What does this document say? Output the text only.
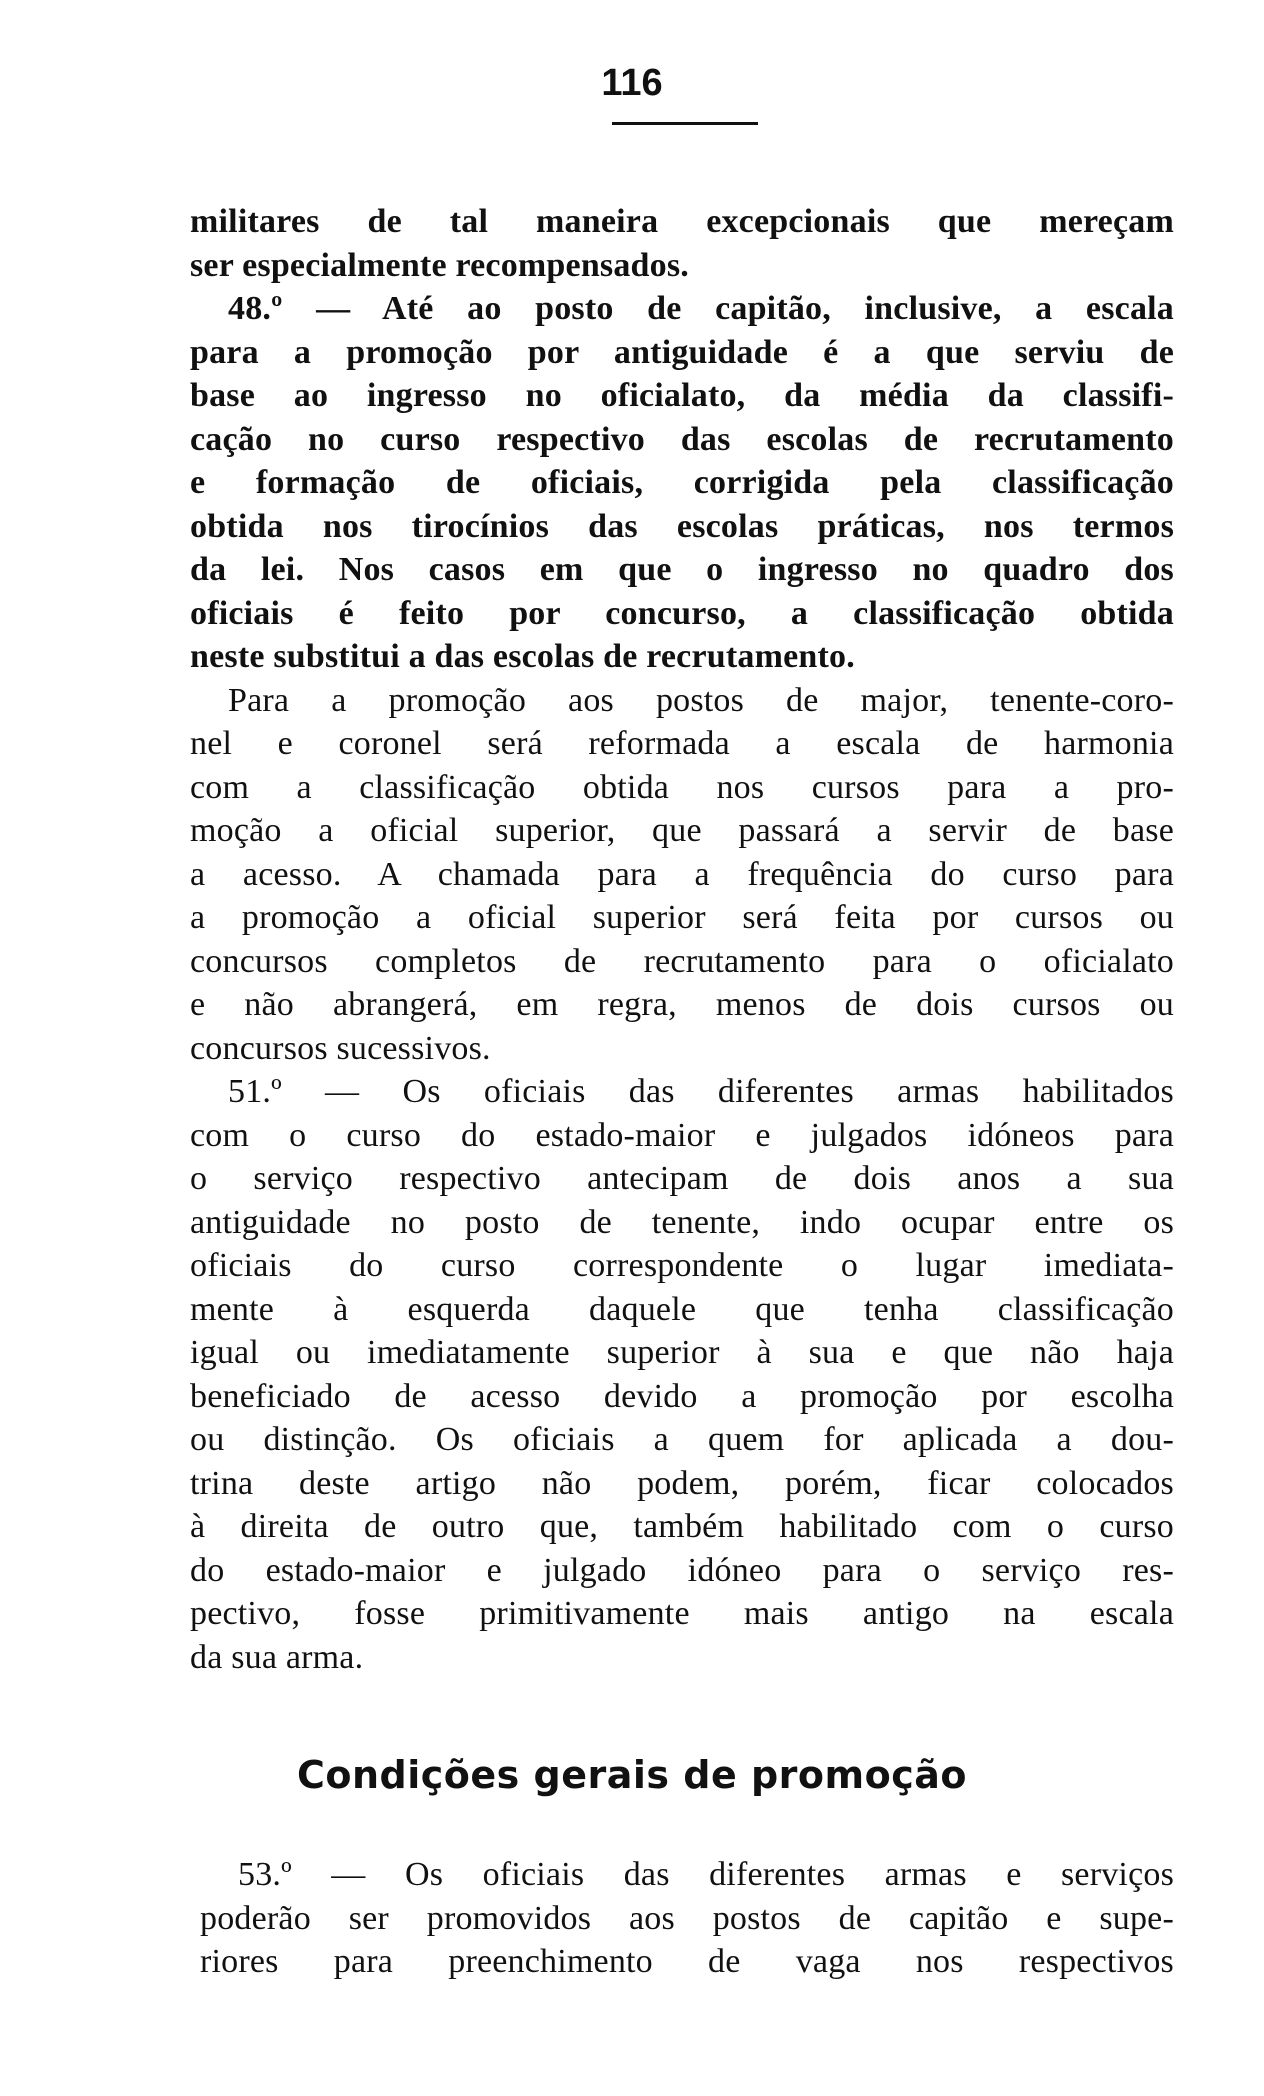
116
militares de tal maneira excepcionais que mereçam
ser especialmente recompensados.
48.º — Até ao posto de capitão, inclusive, a escala
para a promoção por antiguidade é a que serviu de
base ao ingresso no oficialato, da média da classifi-
cação no curso respectivo das escolas de recrutamento
e formação de oficiais, corrigida pela classificação
obtida nos tirocínios das escolas práticas, nos termos
da lei. Nos casos em que o ingresso no quadro dos
oficiais é feito por concurso, a classificação obtida
neste substitui a das escolas de recrutamento.
Para a promoção aos postos de major, tenente-coro-
nel e coronel será reformada a escala de harmonia
com a classificação obtida nos cursos para a pro-
moção a oficial superior, que passará a servir de base
a acesso. A chamada para a frequência do curso para
a promoção a oficial superior será feita por cursos ou
concursos completos de recrutamento para o oficialato
e não abrangerá, em regra, menos de dois cursos ou
concursos sucessivos.
51.º — Os oficiais das diferentes armas habilitados
com o curso do estado-maior e julgados idóneos para
o serviço respectivo antecipam de dois anos a sua
antiguidade no posto de tenente, indo ocupar entre os
oficiais do curso correspondente o lugar imediata-
mente à esquerda daquele que tenha classificação
igual ou imediatamente superior à sua e que não haja
beneficiado de acesso devido a promoção por escolha
ou distinção. Os oficiais a quem for aplicada a dou-
trina deste artigo não podem, porém, ficar colocados
à direita de outro que, também habilitado com o curso
do estado-maior e julgado idóneo para o serviço res-
pectivo, fosse primitivamente mais antigo na escala
da sua arma.
Condições gerais de promoção
53.º — Os oficiais das diferentes armas e serviços
poderão ser promovidos aos postos de capitão e supe-
riores para preenchimento de vaga nos respectivos
